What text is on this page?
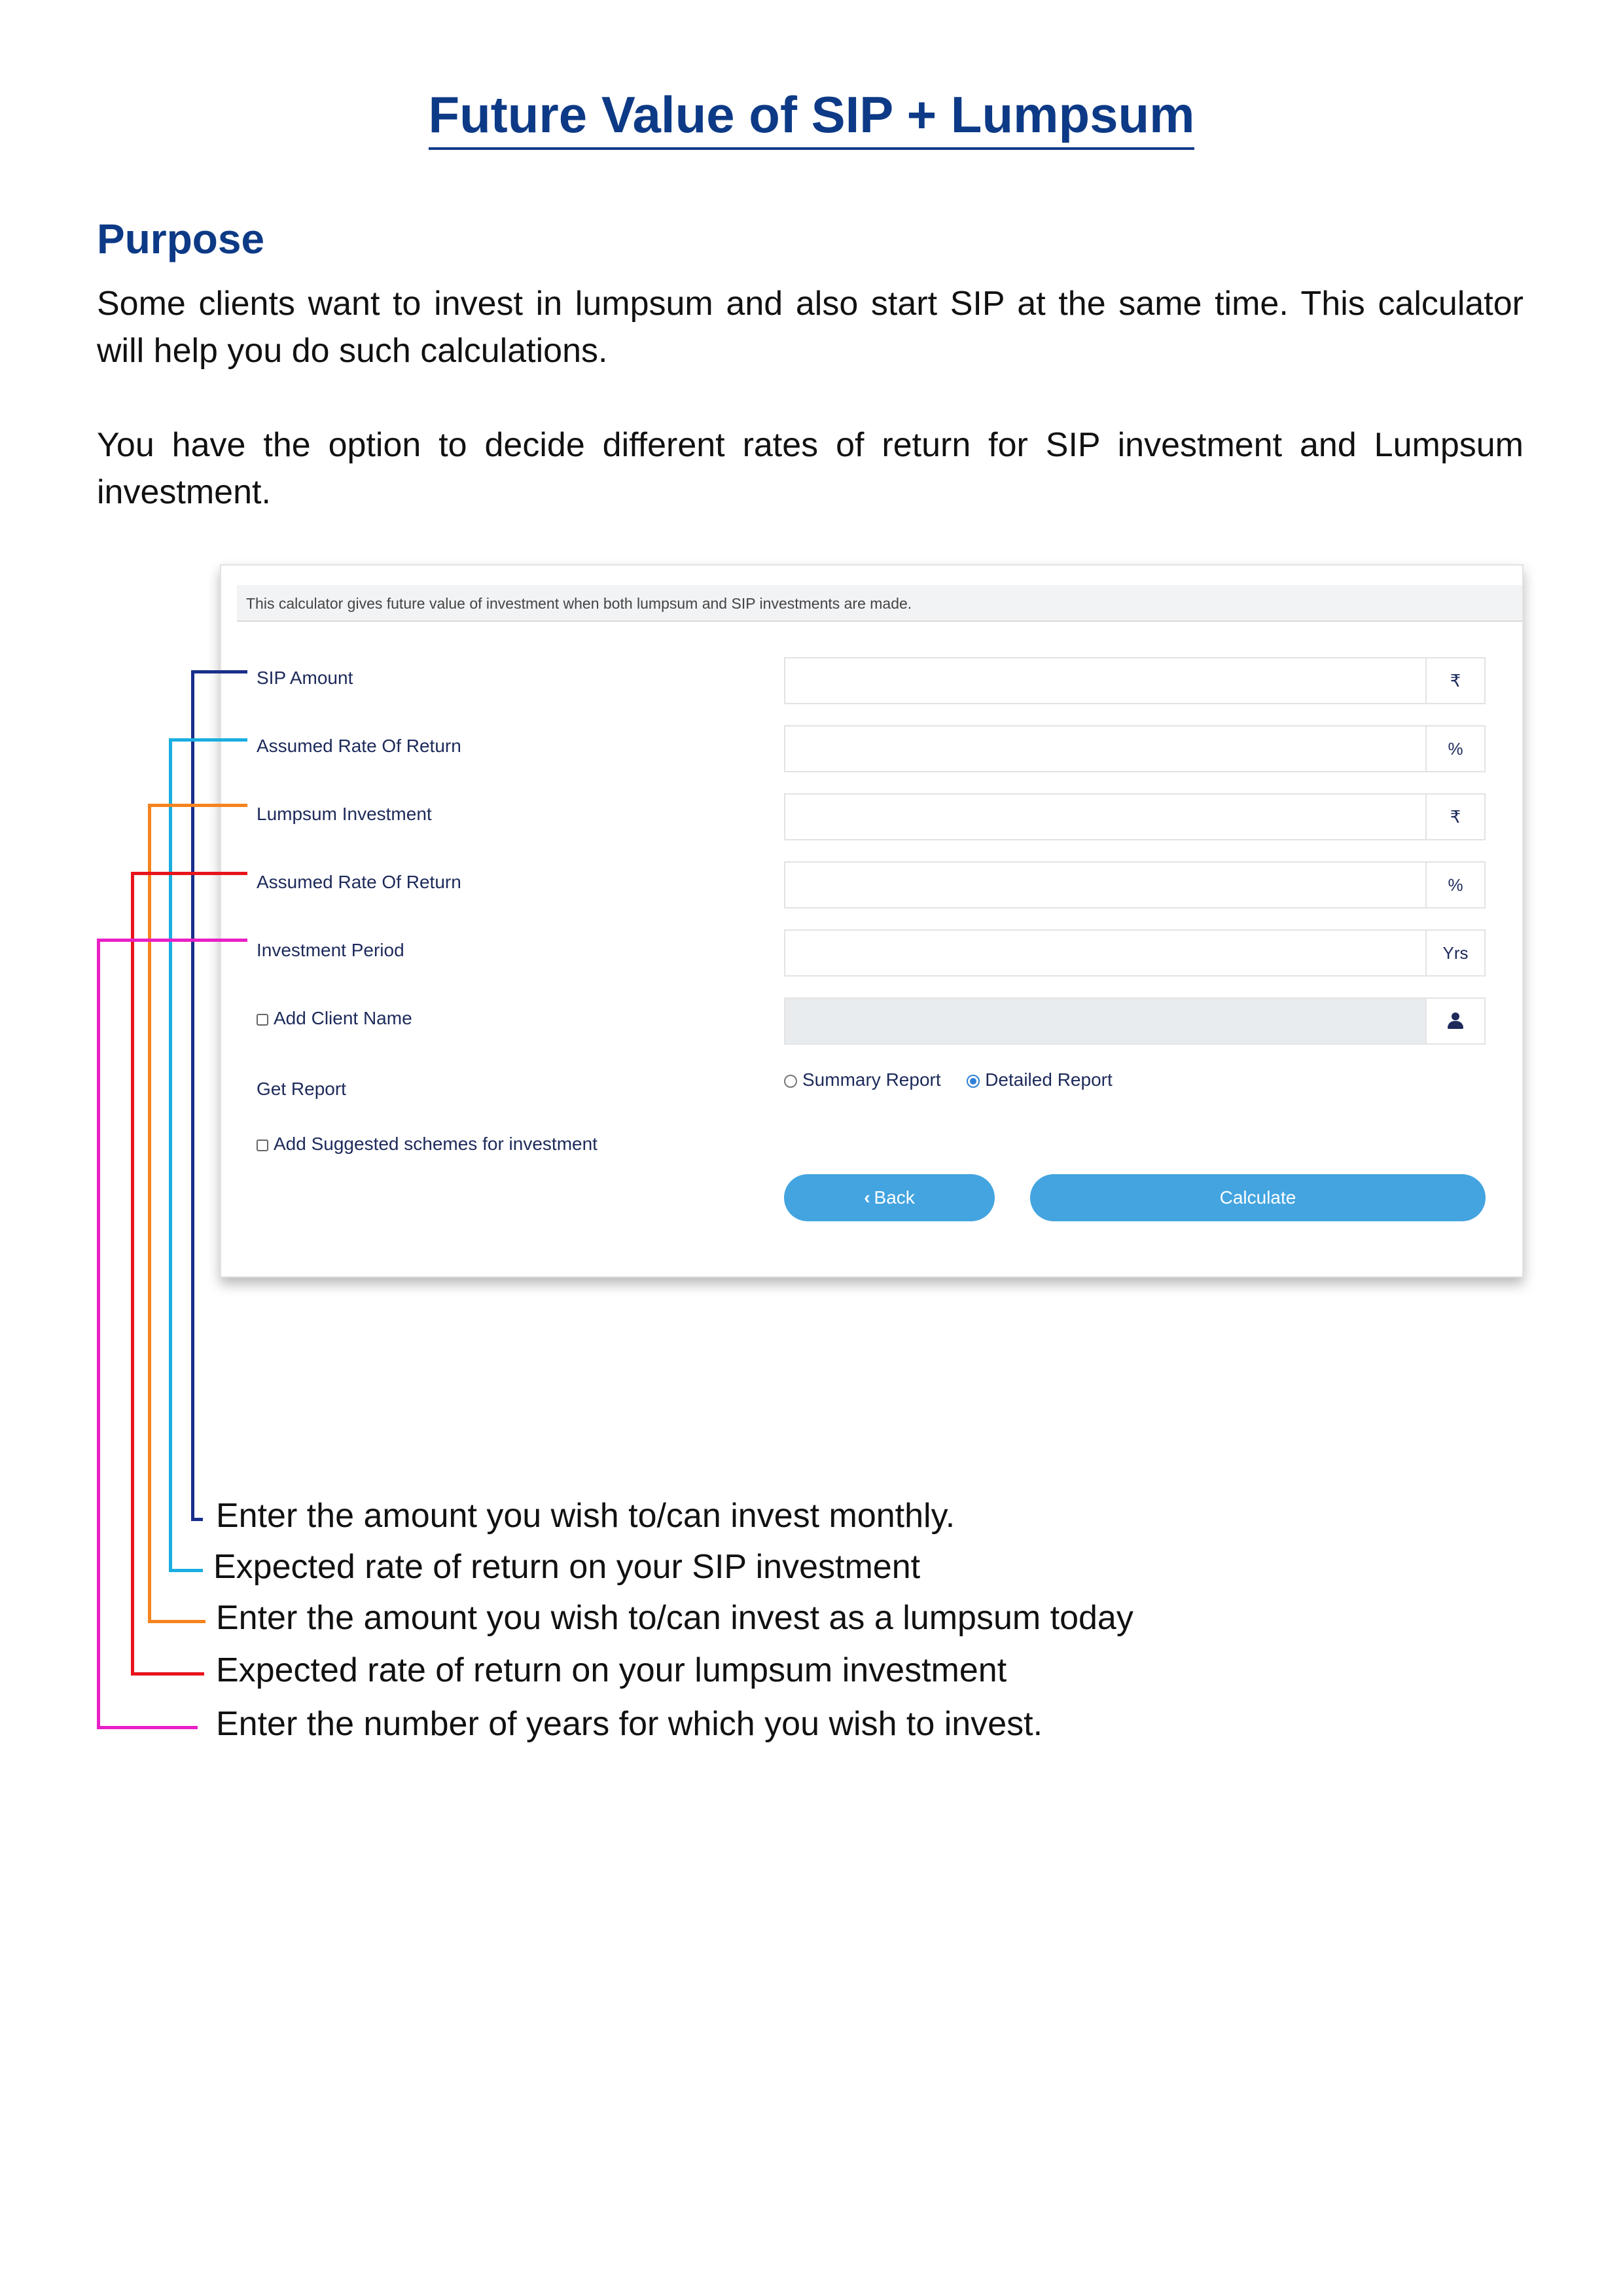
Future Value of SIP + Lumpsum
Purpose

Some clients want to invest in lumpsum and also start SIP at the same time. This calculator will help you do such calculations.

You have the option to decide different rates of return for SIP investment and Lumpsum investment.

This calculator gives future value of investment when both lumpsum and SIP investments are made.
SIP Amount	₹
Assumed Rate Of Return	%
Lumpsum Investment	₹
Assumed Rate Of Return	%
Investment Period	Yrs
Add Client Name
Get Report	Summary Report Detailed Report
Add Suggested schemes for investment
‹ Back	Calculate
Enter the amount you wish to/can invest monthly.
Expected rate of return on your SIP investment
Enter the amount you wish to/can invest as a lumpsum today
Expected rate of return on your lumpsum investment
Enter the number of years for which you wish to invest.
